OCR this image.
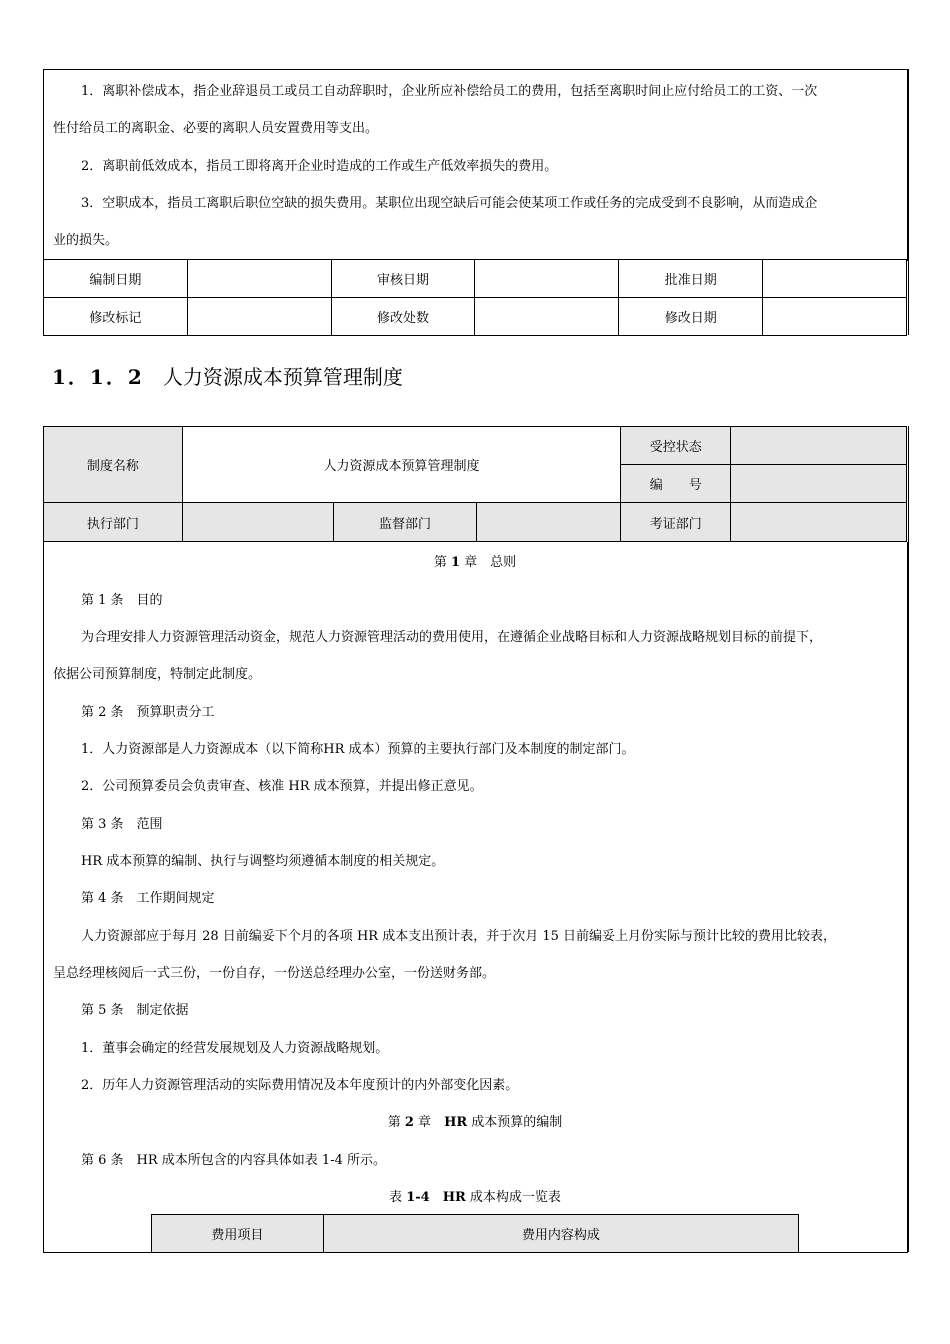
1．离职补偿成本，指企业辞退员工或员工自动辞职时，企业所应补偿给员工的费用，包括至离职时间止应付给员工的工资、一次
性付给员工的离职金、必要的离职人员安置费用等支出。
2．离职前低效成本，指员工即将离开企业时造成的工作或生产低效率损失的费用。
3．空职成本，指员工离职后职位空缺的损失费用。某职位出现空缺后可能会使某项工作或任务的完成受到不良影响，从而造成企
业的损失。
编制日期		审核日期		批准日期	
修改标记		修改处数		修改日期	
1．1．2 人力资源成本预算管理制度
制度名称	人力资源成本预算管理制度			受控状态	
				编　　号	
执行部门		监督部门		考证部门	
第 1 章　总则
第 1 条　目的
为合理安排人力资源管理活动资金，规范人力资源管理活动的费用使用，在遵循企业战略目标和人力资源战略规划目标的前提下，
依据公司预算制度，特制定此制度。
第 2 条　预算职责分工
1．人力资源部是人力资源成本（以下简称HR 成本）预算的主要执行部门及本制度的制定部门。
2．公司预算委员会负责审查、核准 HR 成本预算，并提出修正意见。
第 3 条　范围
HR 成本预算的编制、执行与调整均须遵循本制度的相关规定。
第 4 条　工作期间规定
人力资源部应于每月 28 日前编妥下个月的各项 HR 成本支出预计表，并于次月 15 日前编妥上月份实际与预计比较的费用比较表，
呈总经理核阅后一式三份，一份自存，一份送总经理办公室，一份送财务部。
第 5 条　制定依据
1．董事会确定的经营发展规划及人力资源战略规划。
2．历年人力资源管理活动的实际费用情况及本年度预计的内外部变化因素。
第 2 章　HR 成本预算的编制
第 6 条　HR 成本所包含的内容具体如表 1-4 所示。
表 1-4　 HR 成本构成一览表
费用项目	费用内容构成
